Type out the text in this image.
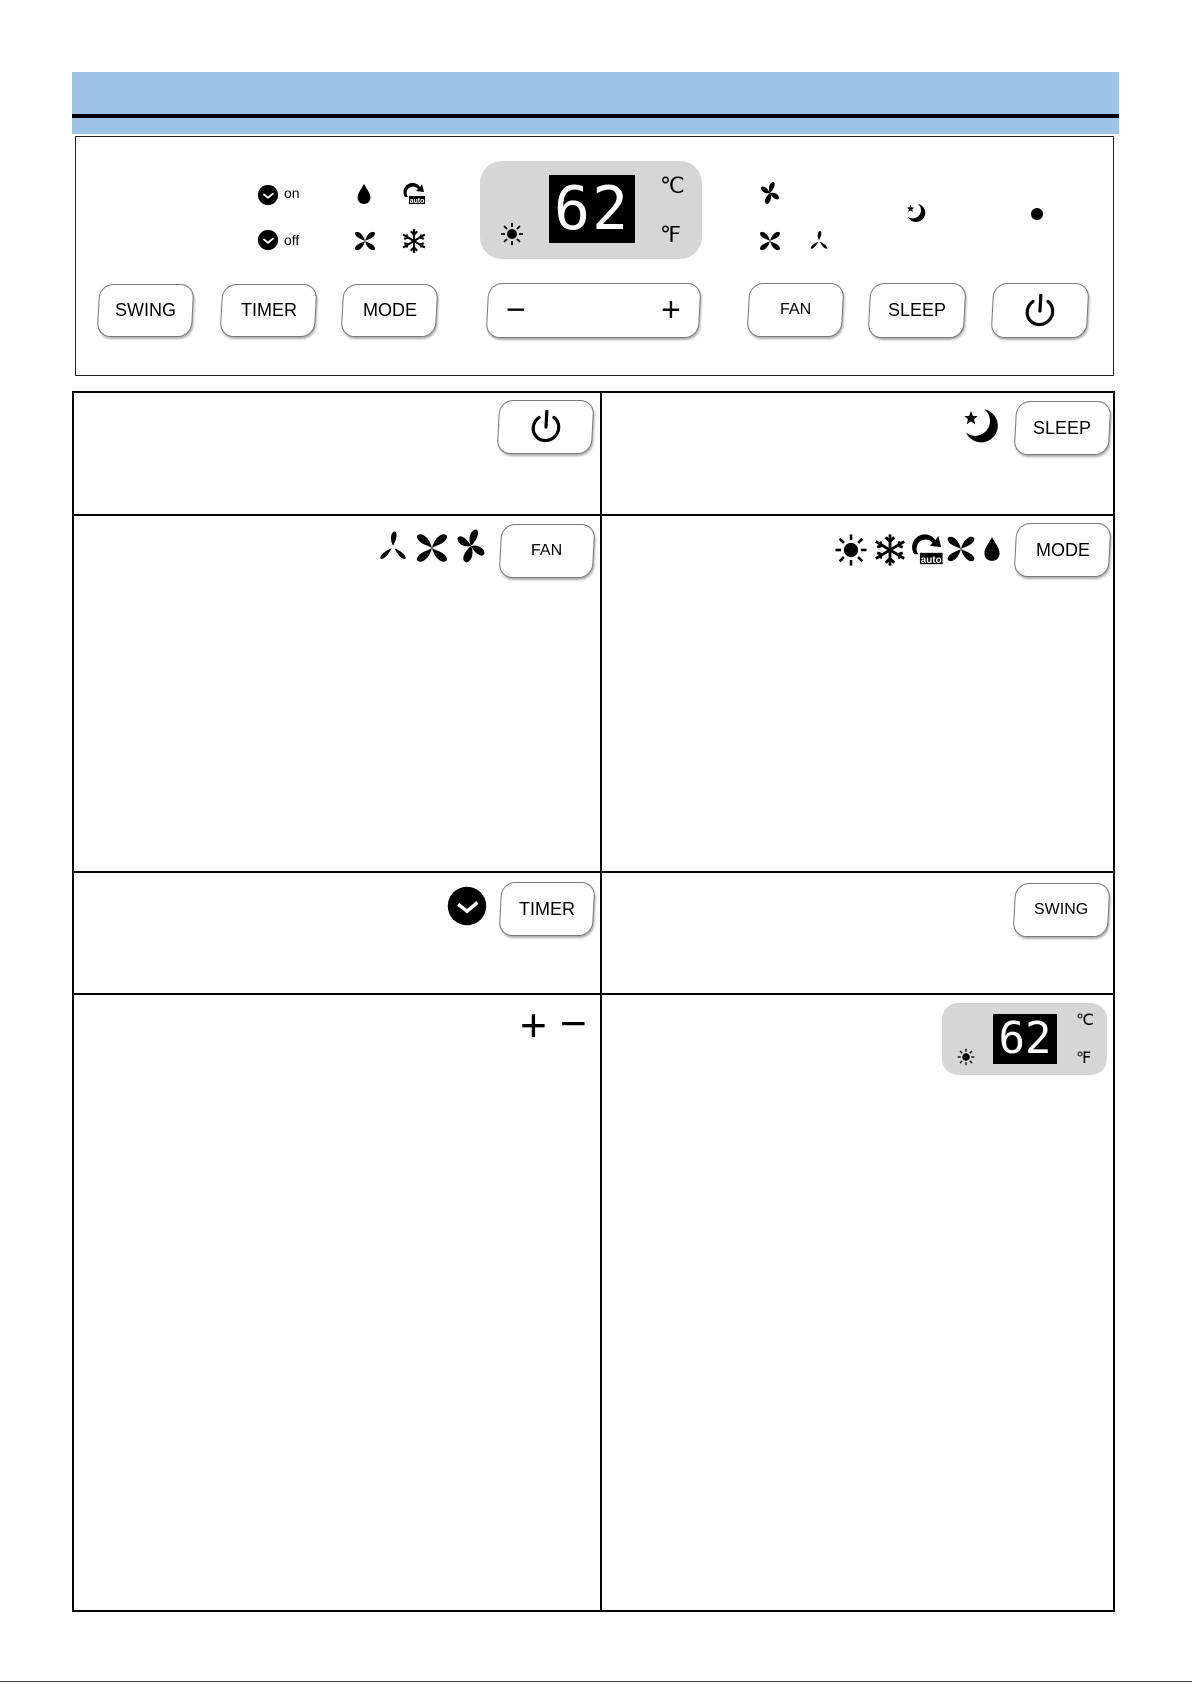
on
off	62 ℃
℉
SWING	TIMER	MODE	−	+	FAN	SLEEP
SLEEP
FAN	MODE
TIMER	SWING
+ −	62	℃
℉
